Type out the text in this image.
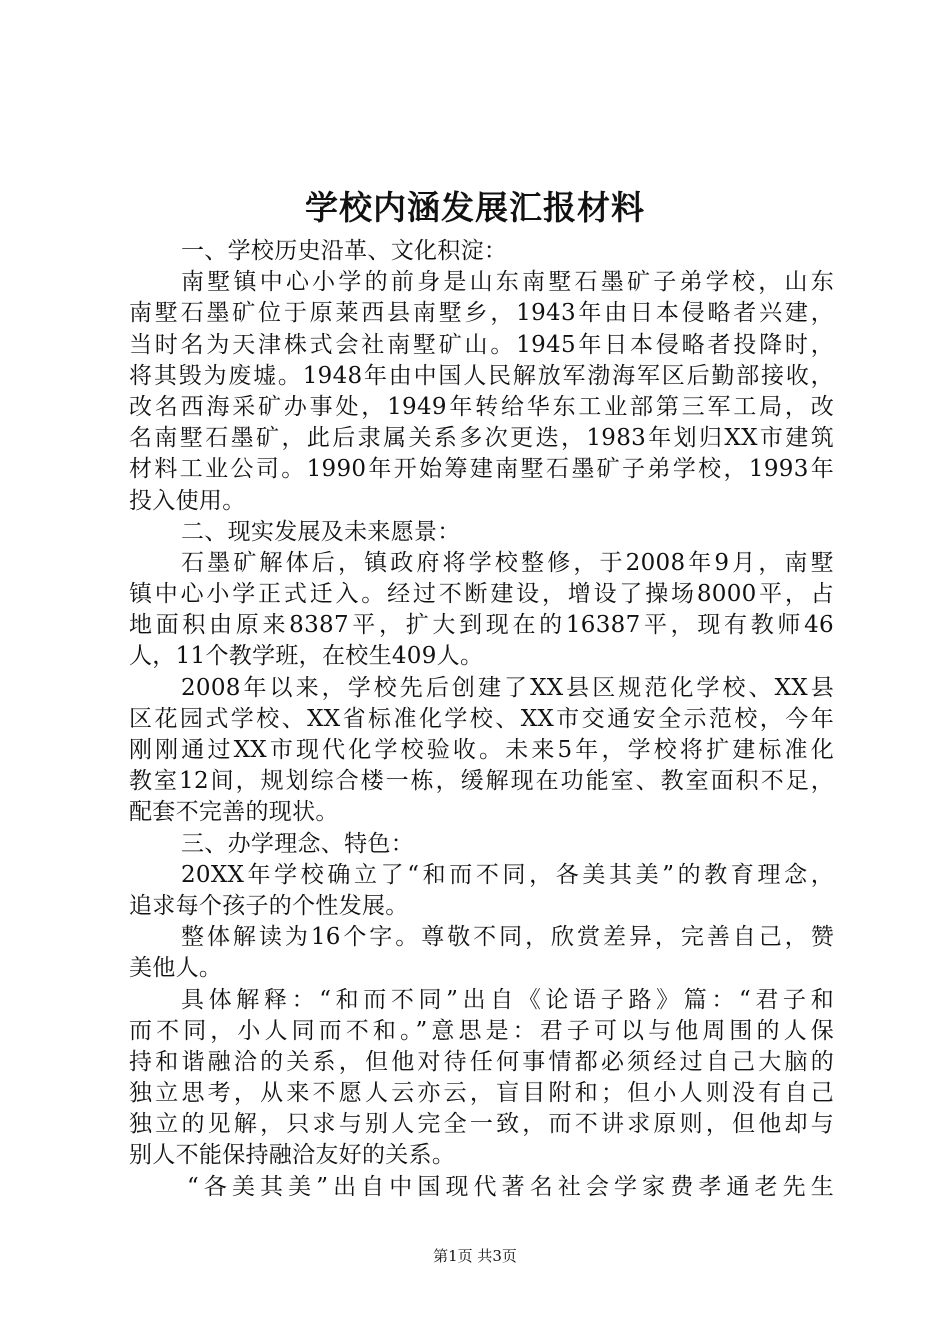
学校内涵发展汇报材料
一、学校历史沿革、文化积淀：
南墅镇中心小学的前身是山东南墅石墨矿子弟学校，山东
南墅石墨矿位于原莱西县南墅乡，1943年由日本侵略者兴建，
当时名为天津株式会社南墅矿山。1945年日本侵略者投降时，
将其毁为废墟。1948年由中国人民解放军渤海军区后勤部接收，
改名西海采矿办事处，1949年转给华东工业部第三军工局，改
名南墅石墨矿，此后隶属关系多次更迭，1983年划归XX市建筑
材料工业公司。1990年开始筹建南墅石墨矿子弟学校，1993年
投入使用。
二、现实发展及未来愿景：
石墨矿解体后，镇政府将学校整修，于2008年9月，南墅
镇中心小学正式迁入。经过不断建设，增设了操场8000平，占
地面积由原来8387平，扩大到现在的16387平，现有教师46
人，11个教学班，在校生409人。
2008年以来，学校先后创建了XX县区规范化学校、XX县
区花园式学校、XX省标准化学校、XX市交通安全示范校，今年
刚刚通过XX市现代化学校验收。未来5年，学校将扩建标准化
教室12间，规划综合楼一栋，缓解现在功能室、教室面积不足，
配套不完善的现状。
三、办学理念、特色：
20XX年学校确立了“和而不同，各美其美”的教育理念，
追求每个孩子的个性发展。
整体解读为16个字。尊敬不同，欣赏差异，完善自己，赞
美他人。
具体解释：“和而不同”出自《论语子路》篇：“君子和
而不同，小人同而不和。”意思是：君子可以与他周围的人保
持和谐融洽的关系，但他对待任何事情都必须经过自己大脑的
独立思考，从来不愿人云亦云，盲目附和；但小人则没有自己
独立的见解，只求与别人完全一致，而不讲求原则，但他却与
别人不能保持融洽友好的关系。
“各美其美”出自中国现代著名社会学家费孝通老先生

第1页 共3页
